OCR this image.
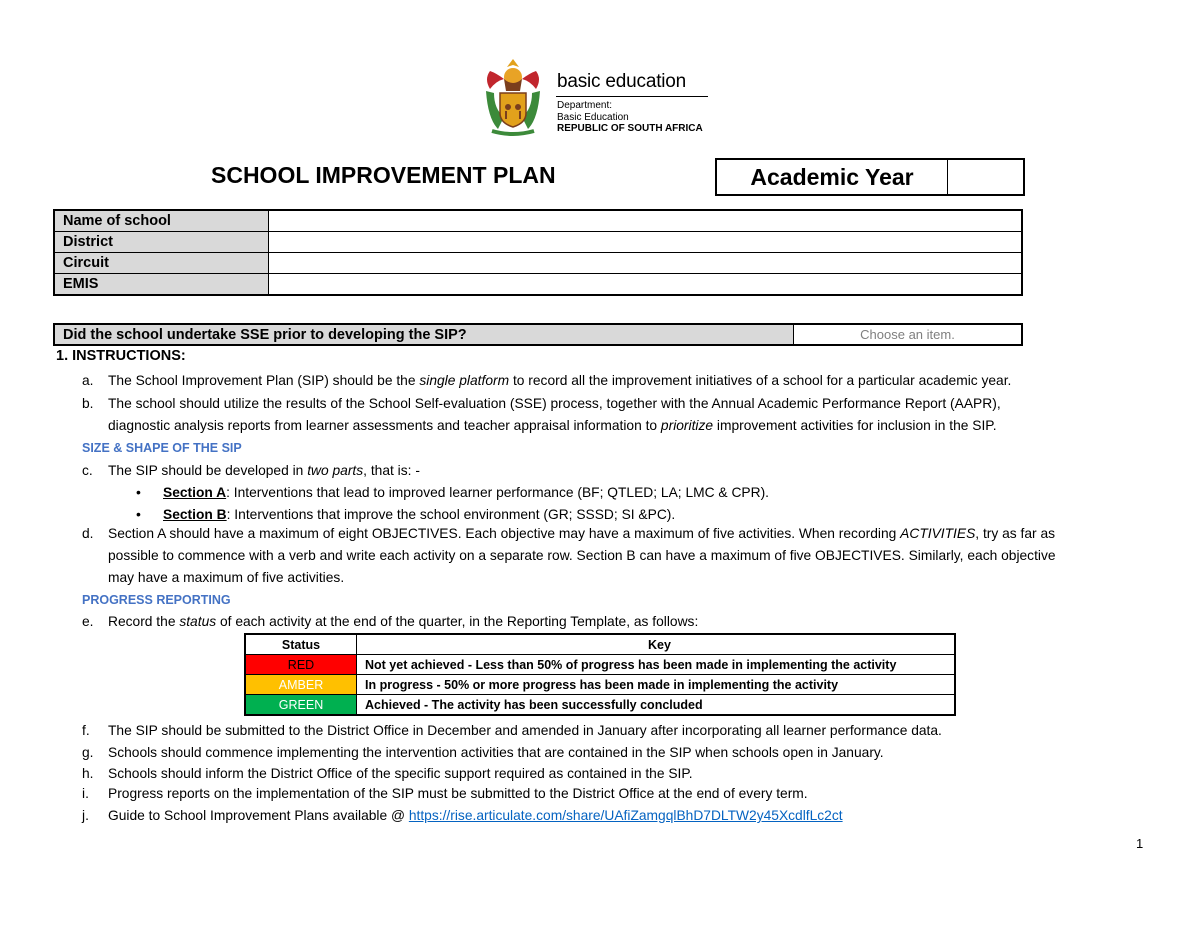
basic education
Department:
Basic Education
REPUBLIC OF SOUTH AFRICA
SCHOOL IMPROVEMENT PLAN	Academic Year
Name of school	
District	
Circuit	
EMIS	
Did the school undertake SSE prior to developing the SIP?	Choose an item.
1. INSTRUCTIONS:
a. The School Improvement Plan (SIP) should be the single platform to record all the improvement initiatives of a school for a particular academic year.
b. The school should utilize the results of the School Self-evaluation (SSE) process, together with the Annual Academic Performance Report (AAPR),
diagnostic analysis reports from learner assessments and teacher appraisal information to prioritize improvement activities for inclusion in the SIP.
SIZE & SHAPE OF THE SIP
c. The SIP should be developed in two parts, that is: -
• Section A: Interventions that lead to improved learner performance (BF; QTLED; LA; LMC & CPR).
• Section B: Interventions that improve the school environment (GR; SSSD; SI &PC).
d. Section A should have a maximum of eight OBJECTIVES. Each objective may have a maximum of five activities. When recording ACTIVITIES, try as far as
possible to commence with a verb and write each activity on a separate row. Section B can have a maximum of five OBJECTIVES. Similarly, each objective
may have a maximum of five activities.
PROGRESS REPORTING
e. Record the status of each activity at the end of the quarter, in the Reporting Template, as follows:
Status	Key
RED	Not yet achieved - Less than 50% of progress has been made in implementing the activity
AMBER	In progress - 50% or more progress has been made in implementing the activity
GREEN	Achieved - The activity has been successfully concluded
f. The SIP should be submitted to the District Office in December and amended in January after incorporating all learner performance data.
g. Schools should commence implementing the intervention activities that are contained in the SIP when schools open in January.
h. Schools should inform the District Office of the specific support required as contained in the SIP.
i. Progress reports on the implementation of the SIP must be submitted to the District Office at the end of every term.
j. Guide to School Improvement Plans available @ https://rise.articulate.com/share/UAfiZamgqlBhD7DLTW2y45XcdlfLc2ct
1
